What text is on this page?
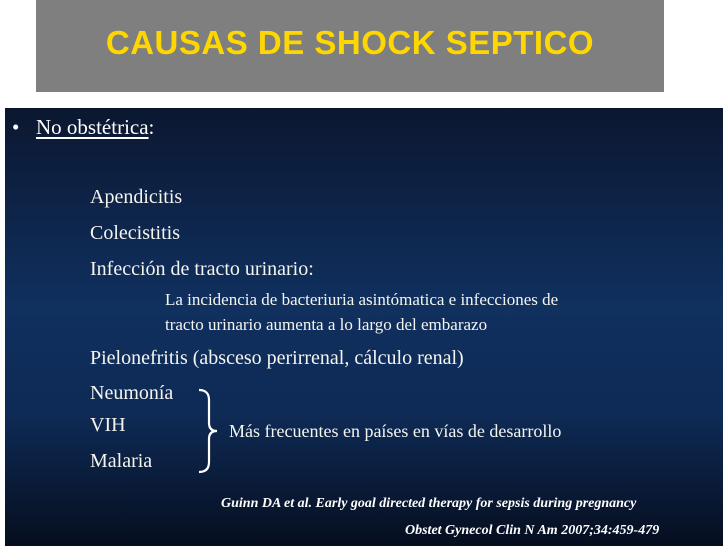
CAUSAS DE SHOCK SEPTICO
• No obstétrica:
Apendicitis
Colecistitis
Infección de tracto urinario:
La incidencia de bacteriuria asintómatica e infecciones de
tracto urinario aumenta a lo largo del embarazo
Pielonefritis (absceso perirrenal, cálculo renal)
Neumonía
VIH
Malaria
Más frecuentes en países en vías de desarrollo
Guinn DA et al. Early goal directed therapy for sepsis during pregnancy
Obstet Gynecol Clin N Am 2007;34:459-479
